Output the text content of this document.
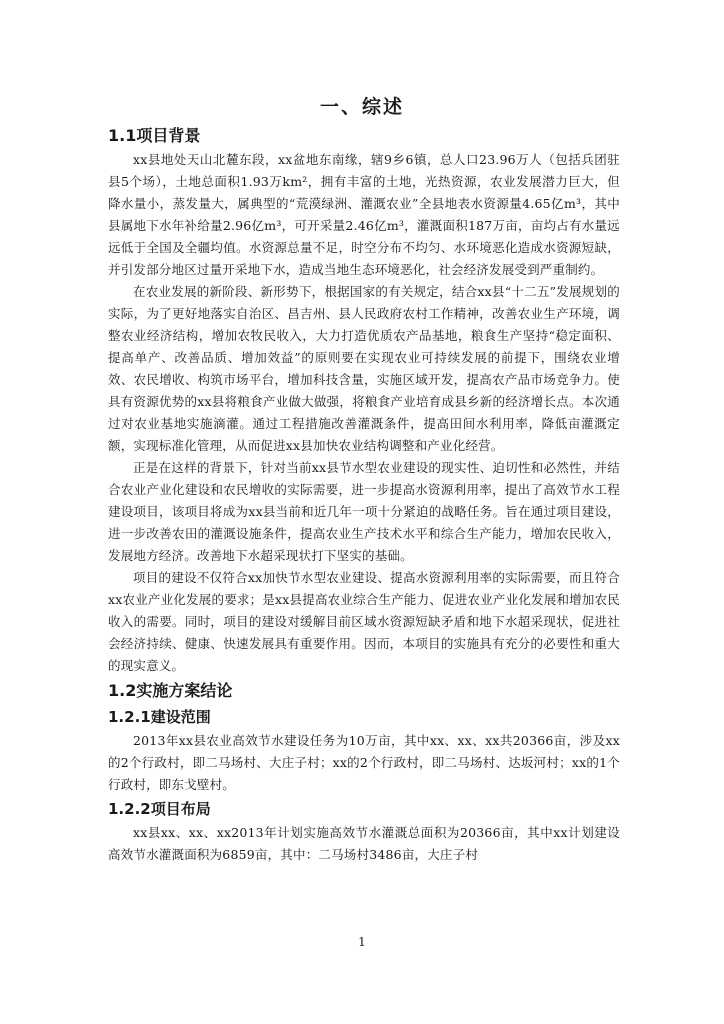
一、综述
1.1项目背景

xx县地处天山北麓东段，xx盆地东南缘，辖9乡6镇，总人口23.96万人（包括兵团驻县5个场），土地总面积1.93万km²，拥有丰富的土地，光热资源，农业发展潜力巨大，但降水量小，蒸发量大，属典型的“荒漠绿洲、灌溉农业”全县地表水资源量4.65亿m³，其中县属地下水年补给量2.96亿m³，可开采量2.46亿m³，灌溉面积187万亩，亩均占有水量远远低于全国及全疆均值。水资源总量不足，时空分布不均匀、水环境恶化造成水资源短缺，并引发部分地区过量开采地下水，造成当地生态环境恶化，社会经济发展受到严重制约。

在农业发展的新阶段、新形势下，根据国家的有关规定，结合xx县“十二五”发展规划的实际，为了更好地落实自治区、昌吉州、县人民政府农村工作精神，改善农业生产环境，调整农业经济结构，增加农牧民收入，大力打造优质农产品基地，粮食生产坚持“稳定面积、提高单产、改善品质、增加效益”的原则要在实现农业可持续发展的前提下，围绕农业增效、农民增收、构筑市场平台，增加科技含量，实施区域开发，提高农产品市场竞争力。使具有资源优势的xx县将粮食产业做大做强，将粮食产业培育成县乡新的经济增长点。本次通过对农业基地实施滴灌。通过工程措施改善灌溉条件，提高田间水利用率，降低亩灌溉定额，实现标准化管理，从而促进xx县加快农业结构调整和产业化经营。

正是在这样的背景下，针对当前xx县节水型农业建设的现实性、迫切性和必然性，并结合农业产业化建设和农民增收的实际需要，进一步提高水资源利用率，提出了高效节水工程建设项目，该项目将成为xx县当前和近几年一项十分紧迫的战略任务。旨在通过项目建设，进一步改善农田的灌溉设施条件，提高农业生产技术水平和综合生产能力，增加农民收入，发展地方经济。改善地下水超采现状打下坚实的基础。

项目的建设不仅符合xx加快节水型农业建设、提高水资源利用率的实际需要，而且符合xx农业产业化发展的要求；是xx县提高农业综合生产能力、促进农业产业化发展和增加农民收入的需要。同时，项目的建设对缓解目前区域水资源短缺矛盾和地下水超采现状，促进社会经济持续、健康、快速发展具有重要作用。因而，本项目的实施具有充分的必要性和重大的现实意义。

1.2实施方案结论
1.2.1建设范围

2013年xx县农业高效节水建设任务为10万亩，其中xx、xx、xx共20366亩，涉及xx的2个行政村，即二马场村、大庄子村；xx的2个行政村，即二马场村、达坂河村；xx的1个行政村，即东戈壁村。

1.2.2项目布局

xx县xx、xx、xx2013年计划实施高效节水灌溉总面积为20366亩，其中xx计划建设高效节水灌溉面积为6859亩，其中：二马场村3486亩，大庄子村

1
